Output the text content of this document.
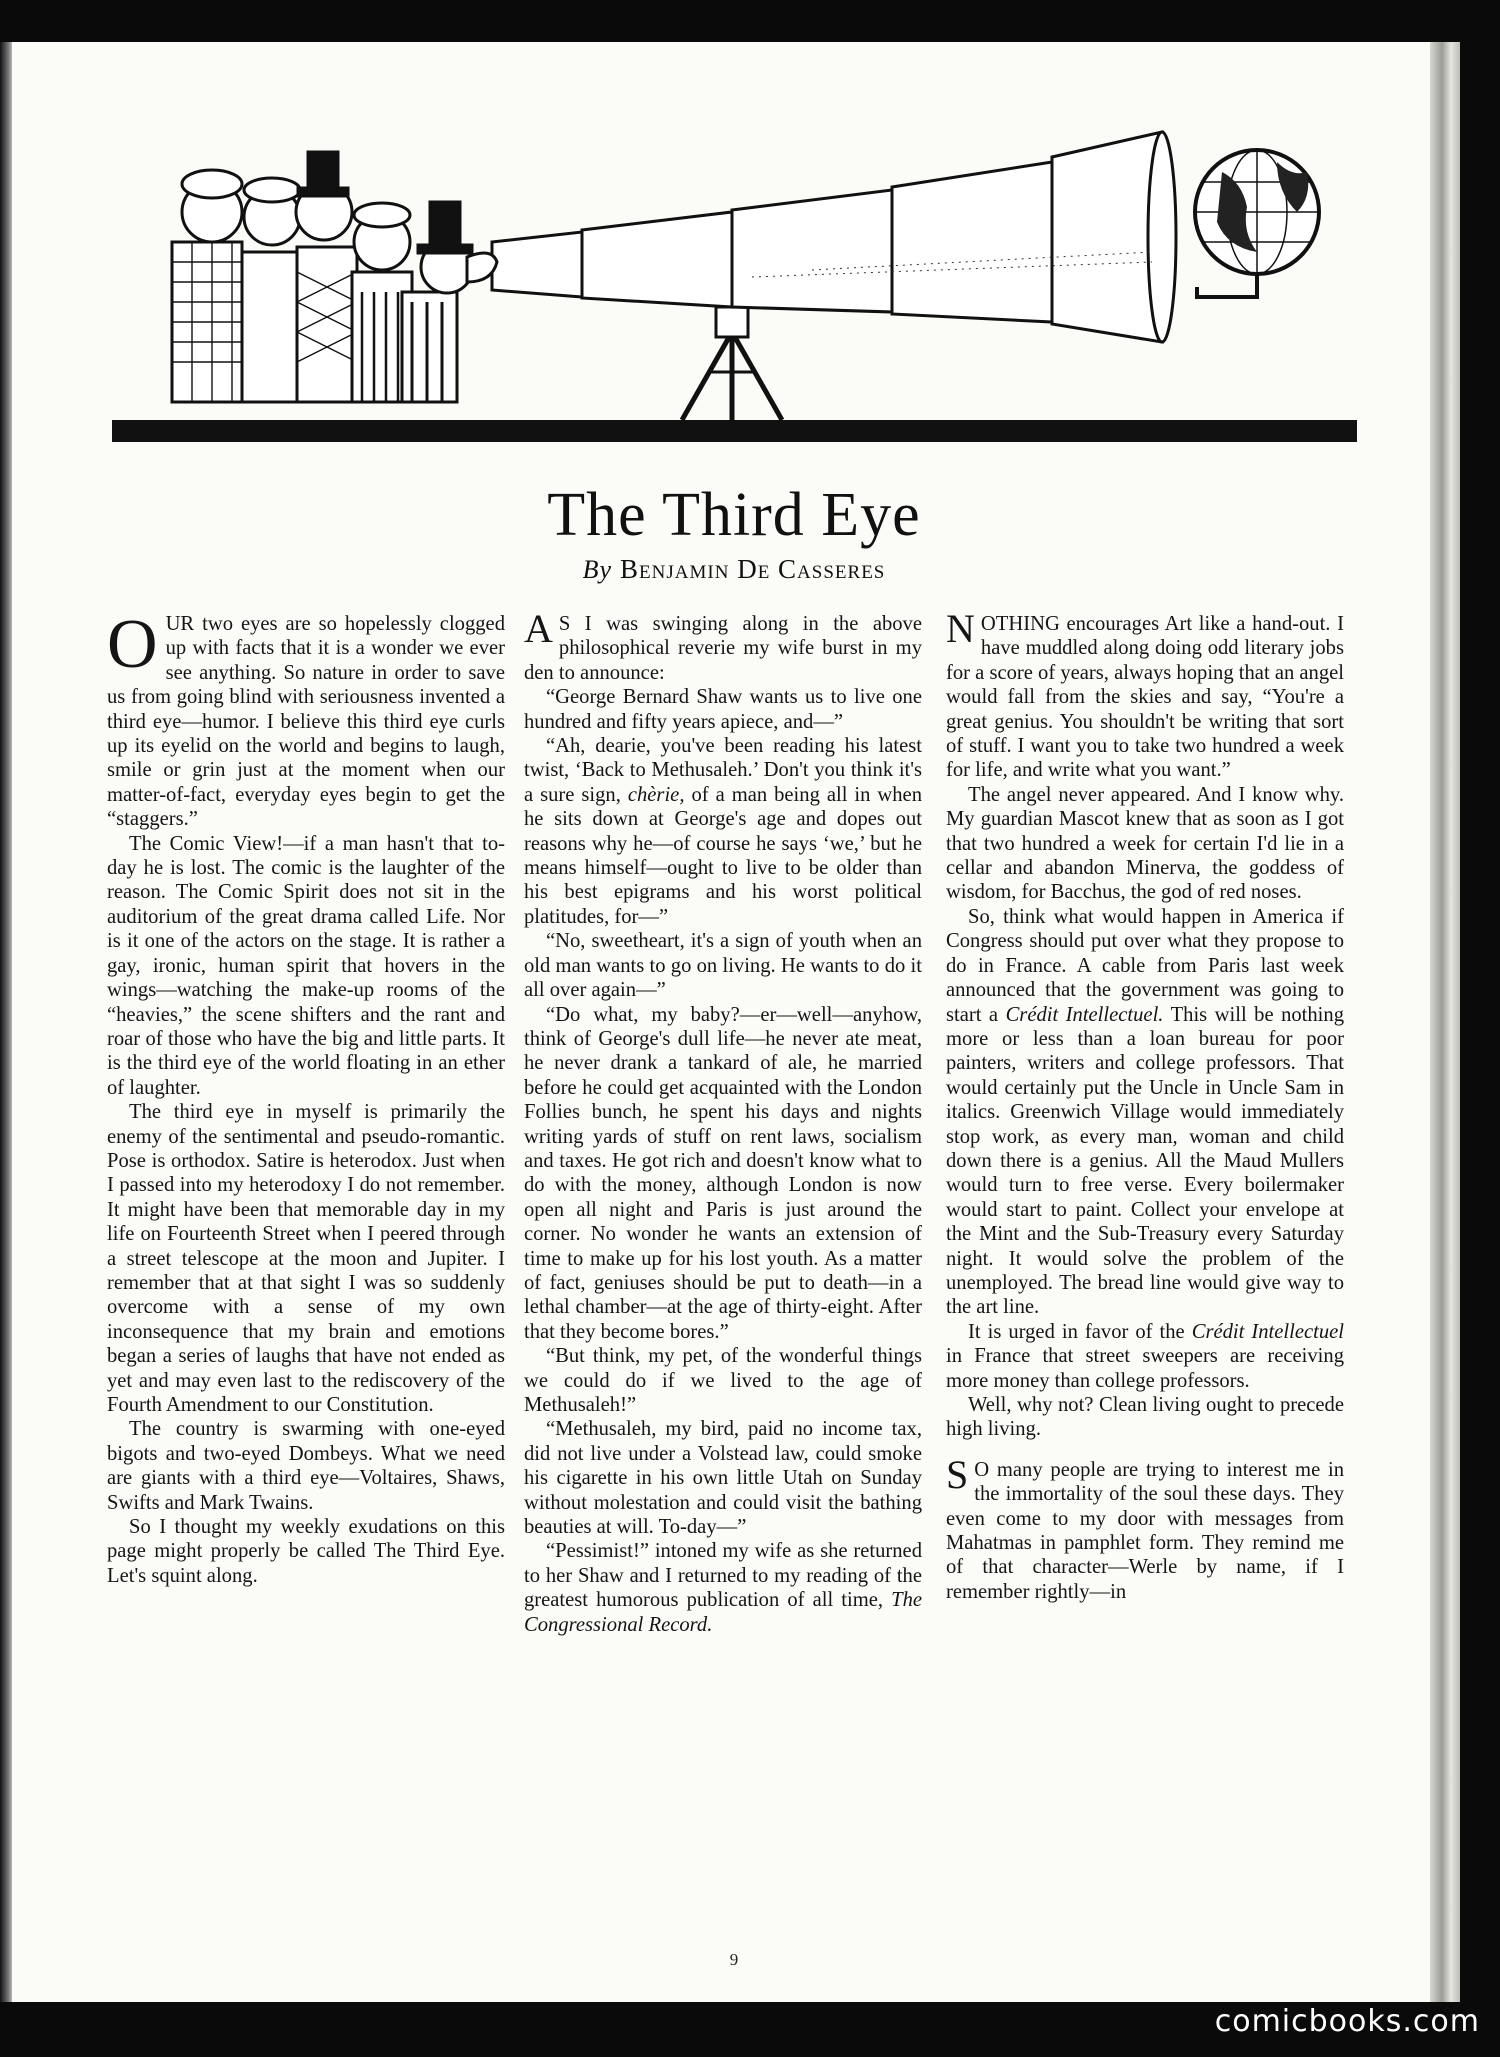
The Third Eye
By Benjamin De Casseres

OUR two eyes are so hopelessly clogged up with facts that it is a wonder we ever see anything. So nature in order to save us from going blind with seriousness invented a third eye—humor. I believe this third eye curls up its eyelid on the world and begins to laugh, smile or grin just at the moment when our matter-of-fact, everyday eyes begin to get the “staggers.”

The Comic View!—if a man hasn't that to-day he is lost. The comic is the laughter of the reason. The Comic Spirit does not sit in the auditorium of the great drama called Life. Nor is it one of the actors on the stage. It is rather a gay, ironic, human spirit that hovers in the wings—watching the make-up rooms of the “heavies,” the scene shifters and the rant and roar of those who have the big and little parts. It is the third eye of the world floating in an ether of laughter.

The third eye in myself is primarily the enemy of the sentimental and pseudo-romantic. Pose is orthodox. Satire is heterodox. Just when I passed into my heterodoxy I do not remember. It might have been that memorable day in my life on Fourteenth Street when I peered through a street telescope at the moon and Jupiter. I remember that at that sight I was so suddenly overcome with a sense of my own inconsequence that my brain and emotions began a series of laughs that have not ended as yet and may even last to the rediscovery of the Fourth Amendment to our Constitution.

The country is swarming with one-eyed bigots and two-eyed Dombeys. What we need are giants with a third eye—Voltaires, Shaws, Swifts and Mark Twains.

So I thought my weekly exudations on this page might properly be called The Third Eye. Let's squint along.

A S I was swinging along in the above philosophical reverie my wife burst in my den to announce:

“George Bernard Shaw wants us to live one hundred and fifty years apiece, and—”

“Ah, dearie, you've been reading his latest twist, ‘Back to Methusaleh.’ Don't you think it's a sure sign, chèrie, of a man being all in when he sits down at George's age and dopes out reasons why he—of course he says ‘we,’ but he means himself—ought to live to be older than his best epigrams and his worst political platitudes, for—”

“No, sweetheart, it's a sign of youth when an old man wants to go on living. He wants to do it all over again—”

“Do what, my baby?—er—well—anyhow, think of George's dull life—he never ate meat, he never drank a tankard of ale, he married before he could get acquainted with the London Follies bunch, he spent his days and nights writing yards of stuff on rent laws, socialism and taxes. He got rich and doesn't know what to do with the money, although London is now open all night and Paris is just around the corner. No wonder he wants an extension of time to make up for his lost youth. As a matter of fact, geniuses should be put to death—in a lethal chamber—at the age of thirty-eight. After that they become bores.”

“But think, my pet, of the wonderful things we could do if we lived to the age of Methusaleh!”

“Methusaleh, my bird, paid no income tax, did not live under a Volstead law, could smoke his cigarette in his own little Utah on Sunday without molestation and could visit the bathing beauties at will. To-day—”

“Pessimist!” intoned my wife as she returned to her Shaw and I returned to my reading of the greatest humorous publication of all time, The Congressional Record.

NOTHING encourages Art like a hand-out. I have muddled along doing odd literary jobs for a score of years, always hoping that an angel would fall from the skies and say, “You're a great genius. You shouldn't be writing that sort of stuff. I want you to take two hundred a week for life, and write what you want.”

The angel never appeared. And I know why. My guardian Mascot knew that as soon as I got that two hundred a week for certain I'd lie in a cellar and abandon Minerva, the goddess of wisdom, for Bacchus, the god of red noses.

So, think what would happen in America if Congress should put over what they propose to do in France. A cable from Paris last week announced that the government was going to start a Crédit Intellectuel. This will be nothing more or less than a loan bureau for poor painters, writers and college professors. That would certainly put the Uncle in Uncle Sam in italics. Greenwich Village would immediately stop work, as every man, woman and child down there is a genius. All the Maud Mullers would turn to free verse. Every boilermaker would start to paint. Collect your envelope at the Mint and the Sub-Treasury every Saturday night. It would solve the problem of the unemployed. The bread line would give way to the art line.

It is urged in favor of the Crédit Intellectuel in France that street sweepers are receiving more money than college professors.

Well, why not? Clean living ought to precede high living.

S O many people are trying to interest me in the immortality of the soul these days. They even come to my door with messages from Mahatmas in pamphlet form. They remind me of that character—Werle by name, if I remember rightly—in

9
comicbooks.com
